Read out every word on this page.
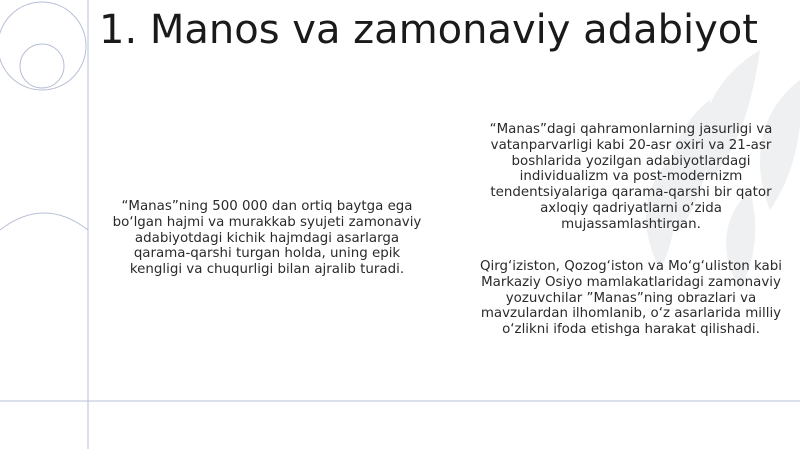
1. Manos va zamonaviy adabiyot

“Manas”ning 500 000 dan ortiq baytga ega bo‘lgan hajmi va murakkab syujeti zamonaviy adabiyotdagi kichik hajmdagi asarlarga qarama-qarshi turgan holda, uning epik kengligi va chuqurligi bilan ajralib turadi.

“Manas”dagi qahramonlarning jasurligi va vatanparvarligi kabi 20-asr oxiri va 21-asr boshlarida yozilgan adabiyotlardagi individualizm va post-modernizm tendentsiyalariga qarama-qarshi bir qator axloqiy qadriyatlarni o‘zida mujassamlashtirgan.

Qirg‘iziston, Qozog‘iston va Mo‘g‘uliston kabi Markaziy Osiyo mamlakatlaridagi zamonaviy yozuvchilar ”Manas”ning obrazlari va mavzulardan ilhomlanib, o‘z asarlarida milliy o‘zlikni ifoda etishga harakat qilishadi.
